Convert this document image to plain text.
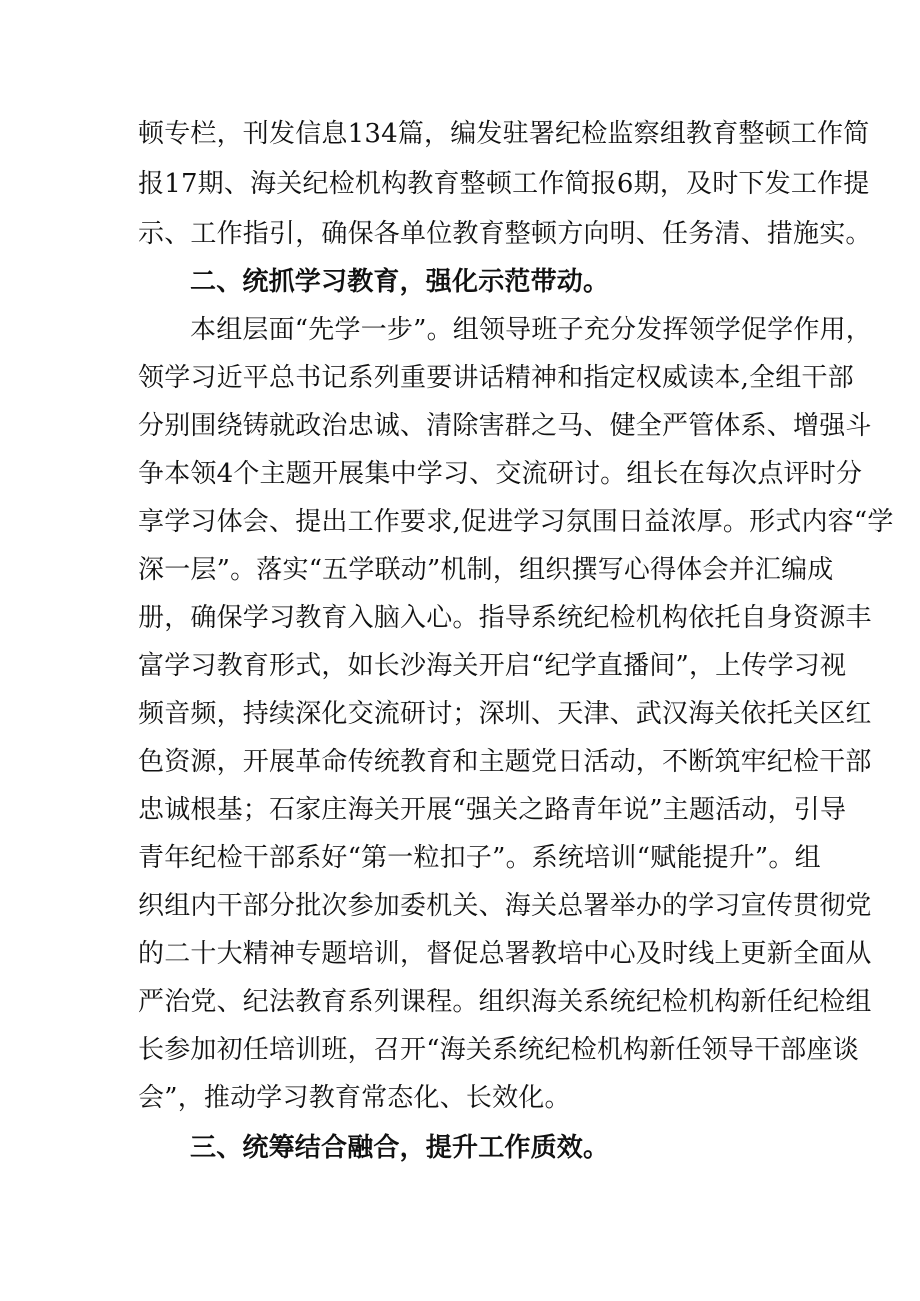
顿专栏，刊发信息134篇，编发驻署纪检监察组教育整顿工作简
报17期、海关纪检机构教育整顿工作简报6期，及时下发工作提
示、工作指引，确保各单位教育整顿方向明、任务清、措施实。
二、统抓学习教育，强化示范带动。
本组层面“先学一步”。组领导班子充分发挥领学促学作用，
领学习近平总书记系列重要讲话精神和指定权威读本,全组干部
分别围绕铸就政治忠诚、清除害群之马、健全严管体系、增强斗
争本领4个主题开展集中学习、交流研讨。组长在每次点评时分
享学习体会、提出工作要求,促进学习氛围日益浓厚。形式内容“学
深一层”。落实“五学联动”机制，组织撰写心得体会并汇编成
册，确保学习教育入脑入心。指导系统纪检机构依托自身资源丰
富学习教育形式，如长沙海关开启“纪学直播间”，上传学习视
频音频，持续深化交流研讨；深圳、天津、武汉海关依托关区红
色资源，开展革命传统教育和主题党日活动，不断筑牢纪检干部
忠诚根基；石家庄海关开展“强关之路青年说”主题活动，引导
青年纪检干部系好“第一粒扣子”。系统培训“赋能提升”。组
织组内干部分批次参加委机关、海关总署举办的学习宣传贯彻党
的二十大精神专题培训，督促总署教培中心及时线上更新全面从
严治党、纪法教育系列课程。组织海关系统纪检机构新任纪检组
长参加初任培训班，召开“海关系统纪检机构新任领导干部座谈
会”，推动学习教育常态化、长效化。
三、统筹结合融合，提升工作质效。
